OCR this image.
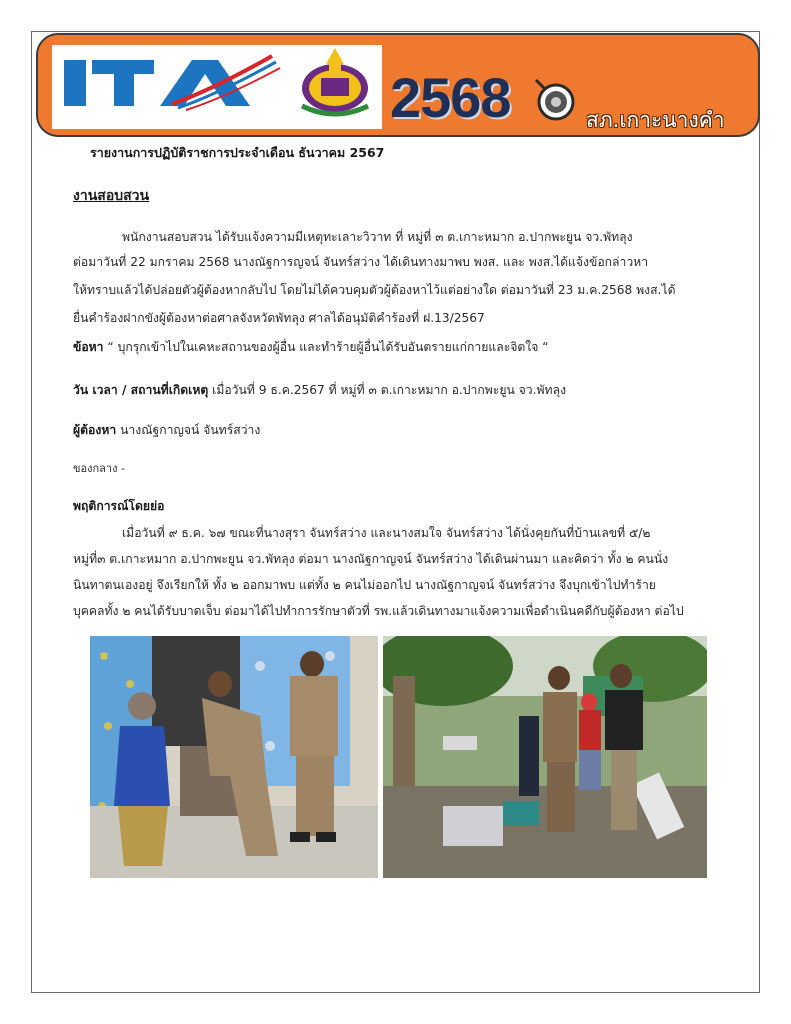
2568	สภ.เกาะนางคำ
รายงานการปฏิบัติราชการประจำเดือน ธันวาคม 2567
งานสอบสวน
พนักงานสอบสวน ได้รับแจ้งความมีเหตุทะเลาะวิวาท ที่ หมู่ที่ ๓ ต.เกาะหมาก อ.ปากพะยูน จว.พัทลุง
ต่อมาวันที่ 22 มกราคม 2568 นางณัฐการญจน์ จันทร์สว่าง ได้เดินทางมาพบ พงส. และ พงส.ได้แจ้งข้อกล่าวหา
ให้ทราบแล้วได้ปล่อยตัวผู้ต้องหากลับไป โดยไม่ได้ควบคุมตัวผู้ต้องหาไว้แต่อย่างใด ต่อมาวันที่ 23 ม.ค.2568 พงส.ได้
ยื่นคำร้องฝากขังผู้ต้องหาต่อศาลจังหวัดพัทลุง ศาลได้อนุมัติคำร้องที่ ฝ.13/2567
ข้อหา “ บุกรุกเข้าไปในเคหะสถานของผู้อื่น และทำร้ายผู้อื่นได้รับอันตรายแก่กายและจิตใจ “
วัน เวลา / สถานที่เกิดเหตุ เมื่อวันที่ 9 ธ.ค.2567 ที่ หมู่ที่ ๓ ต.เกาะหมาก อ.ปากพะยูน จว.พัทลุง
ผู้ต้องหา นางณัฐกาญจน์ จันทร์สว่าง
ของกลาง -
พฤติการณ์โดยย่อ
เมื่อวันที่ ๙ ธ.ค. ๖๗ ขณะที่นางสุรา จันทร์สว่าง และนางสมใจ จันทร์สว่าง ได้นั่งคุยกันที่บ้านเลขที่ ๕/๒
หมู่ที่๓ ต.เกาะหมาก อ.ปากพะยูน จว.พัทลุง ต่อมา นางณัฐกาญจน์ จันทร์สว่าง ได้เดินผ่านมา และคิดว่า ทั้ง ๒ คนนั่ง
นินทาตนเองอยู่ จึงเรียกให้ ทั้ง ๒ ออกมาพบ แต่ทั้ง ๒ คนไม่ออกไป นางณัฐกาญจน์ จันทร์สว่าง จึงบุกเข้าไปทำร้าย
บุคคลทั้ง ๒ คนได้รับบาดเจ็บ ต่อมาได้ไปทำการรักษาตัวที่ รพ.แล้วเดินทางมาแจ้งความเพื่อดำเนินคดีกับผู้ต้องหา ต่อไป
